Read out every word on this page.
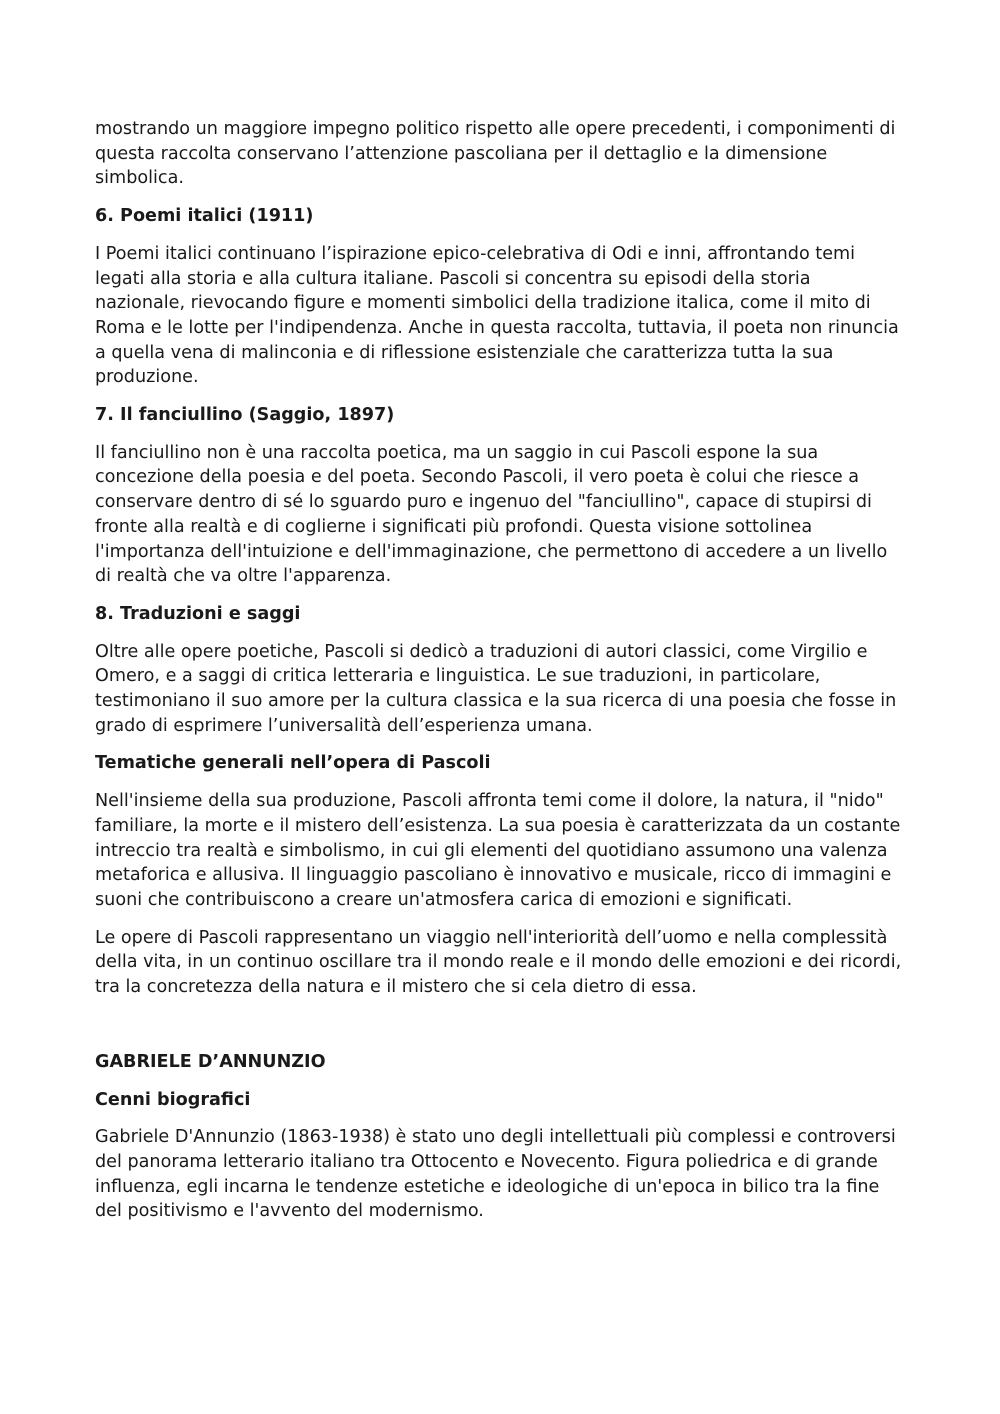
mostrando un maggiore impegno politico rispetto alle opere precedenti, i componimenti di questa raccolta conservano l’attenzione pascoliana per il dettaglio e la dimensione simbolica.

6. Poemi italici (1911)

I Poemi italici continuano l’ispirazione epico-celebrativa di Odi e inni, affrontando temi legati alla storia e alla cultura italiane. Pascoli si concentra su episodi della storia nazionale, rievocando figure e momenti simbolici della tradizione italica, come il mito di Roma e le lotte per l'indipendenza. Anche in questa raccolta, tuttavia, il poeta non rinuncia a quella vena di malinconia e di riflessione esistenziale che caratterizza tutta la sua produzione.

7. Il fanciullino (Saggio, 1897)

Il fanciullino non è una raccolta poetica, ma un saggio in cui Pascoli espone la sua concezione della poesia e del poeta. Secondo Pascoli, il vero poeta è colui che riesce a conservare dentro di sé lo sguardo puro e ingenuo del "fanciullino", capace di stupirsi di fronte alla realtà e di coglierne i significati più profondi. Questa visione sottolinea l'importanza dell'intuizione e dell'immaginazione, che permettono di accedere a un livello di realtà che va oltre l'apparenza.

8. Traduzioni e saggi

Oltre alle opere poetiche, Pascoli si dedicò a traduzioni di autori classici, come Virgilio e Omero, e a saggi di critica letteraria e linguistica. Le sue traduzioni, in particolare, testimoniano il suo amore per la cultura classica e la sua ricerca di una poesia che fosse in grado di esprimere l’universalità dell’esperienza umana.

Tematiche generali nell’opera di Pascoli

Nell'insieme della sua produzione, Pascoli affronta temi come il dolore, la natura, il "nido" familiare, la morte e il mistero dell’esistenza. La sua poesia è caratterizzata da un costante intreccio tra realtà e simbolismo, in cui gli elementi del quotidiano assumono una valenza metaforica e allusiva. Il linguaggio pascoliano è innovativo e musicale, ricco di immagini e suoni che contribuiscono a creare un'atmosfera carica di emozioni e significati.

Le opere di Pascoli rappresentano un viaggio nell'interiorità dell’uomo e nella complessità della vita, in un continuo oscillare tra il mondo reale e il mondo delle emozioni e dei ricordi, tra la concretezza della natura e il mistero che si cela dietro di essa.

GABRIELE D’ANNUNZIO
Cenni biografici

Gabriele D'Annunzio (1863-1938) è stato uno degli intellettuali più complessi e controversi del panorama letterario italiano tra Ottocento e Novecento. Figura poliedrica e di grande influenza, egli incarna le tendenze estetiche e ideologiche di un'epoca in bilico tra la fine del positivismo e l'avvento del modernismo.
